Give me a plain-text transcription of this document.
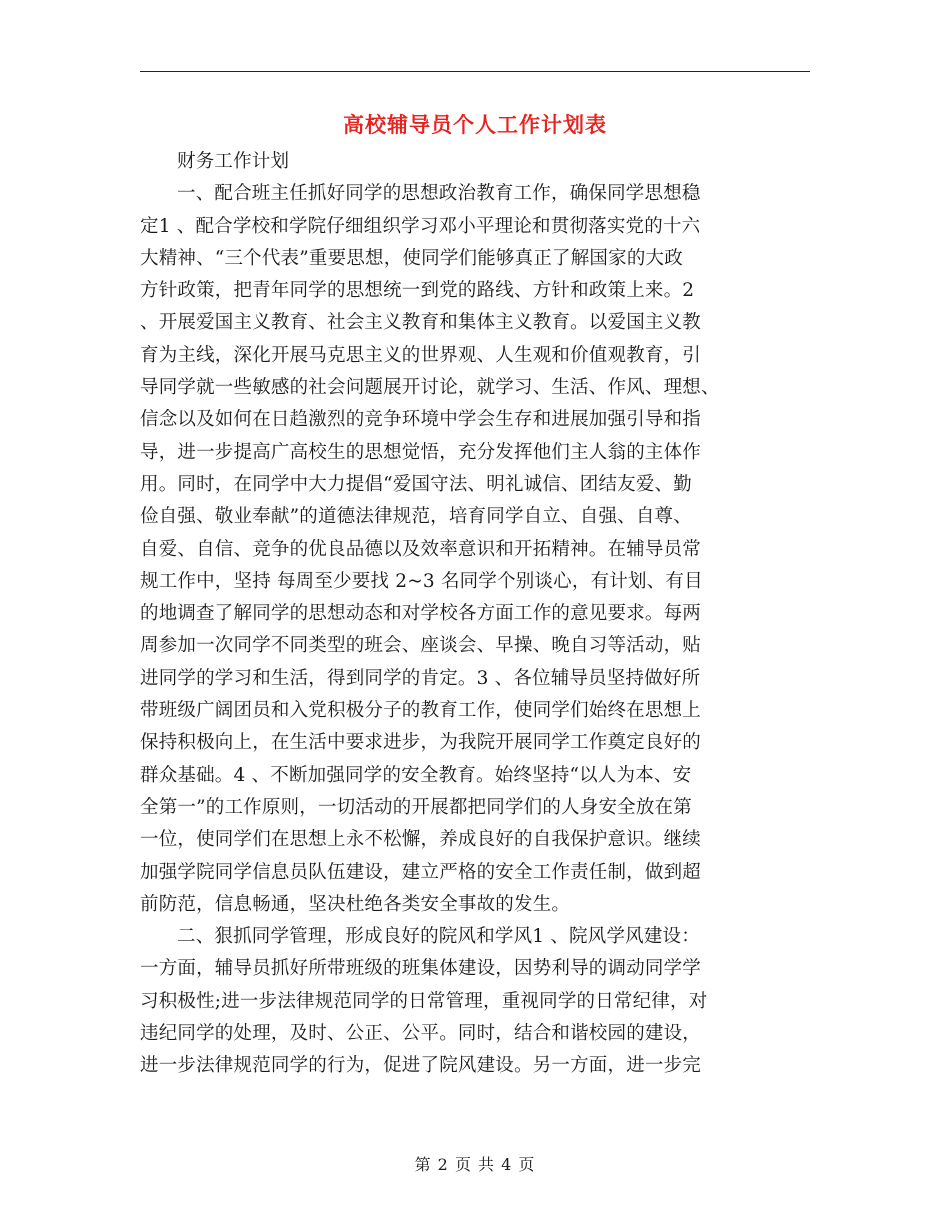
高校辅导员个人工作计划表

财务工作计划

一、配合班主任抓好同学的思想政治教育工作，确保同学思想稳
定1 、配合学校和学院仔细组织学习邓小平理论和贯彻落实党的十六
大精神、“三个代表”重要思想，使同学们能够真正了解国家的大政
方针政策，把青年同学的思想统一到党的路线、方针和政策上来。2
、开展爱国主义教育、社会主义教育和集体主义教育。以爱国主义教
育为主线，深化开展马克思主义的世界观、人生观和价值观教育，引
导同学就一些敏感的社会问题展开讨论，就学习、生活、作风、理想、
信念以及如何在日趋激烈的竞争环境中学会生存和进展加强引导和指
导，进一步提高广高校生的思想觉悟，充分发挥他们主人翁的主体作
用。同时，在同学中大力提倡“爱国守法、明礼诚信、团结友爱、勤
俭自强、敬业奉献”的道德法律规范，培育同学自立、自强、自尊、
自爱、自信、竞争的优良品德以及效率意识和开拓精神。在辅导员常
规工作中，坚持 每周至少要找 2~3 名同学个别谈心，有计划、有目
的地调查了解同学的思想动态和对学校各方面工作的意见要求。每两
周参加一次同学不同类型的班会、座谈会、早操、晚自习等活动，贴
进同学的学习和生活，得到同学的肯定。3 、各位辅导员坚持做好所
带班级广阔团员和入党积极分子的教育工作，使同学们始终在思想上
保持积极向上，在生活中要求进步，为我院开展同学工作奠定良好的
群众基础。4 、不断加强同学的安全教育。始终坚持“以人为本、安
全第一”的工作原则，一切活动的开展都把同学们的人身安全放在第
一位，使同学们在思想上永不松懈，养成良好的自我保护意识。继续
加强学院同学信息员队伍建设，建立严格的安全工作责任制，做到超
前防范，信息畅通，坚决杜绝各类安全事故的发生。

二、狠抓同学管理，形成良好的院风和学风1 、院风学风建设：
一方面，辅导员抓好所带班级的班集体建设，因势利导的调动同学学
习积极性;进一步法律规范同学的日常管理，重视同学的日常纪律，对
违纪同学的处理，及时、公正、公平。同时，结合和谐校园的建设，
进一步法律规范同学的行为，促进了院风建设。另一方面，进一步完

第 2 页 共 4 页
